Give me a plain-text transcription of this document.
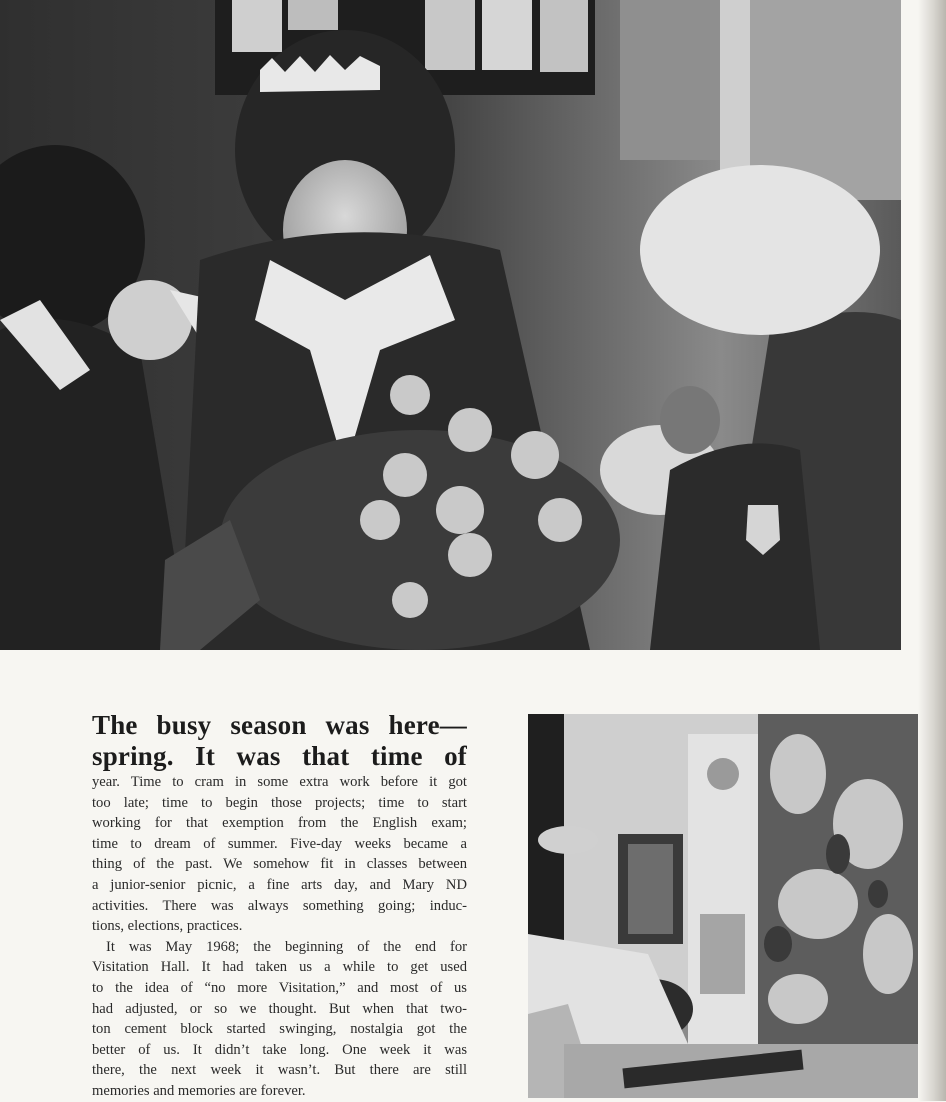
The busy season was here—
spring. It was that time of

year. Time to cram in some extra work before it got
too late; time to begin those projects; time to start
working for that exemption from the English exam;
time to dream of summer. Five-day weeks became a
thing of the past. We somehow fit in classes between
a junior-senior picnic, a fine arts day, and Mary ND
activities. There was always something going; induc-
tions, elections, practices.

It was May 1968; the beginning of the end for
Visitation Hall. It had taken us a while to get used
to the idea of “no more Visitation,” and most of us
had adjusted, or so we thought. But when that two-
ton cement block started swinging, nostalgia got the
better of us. It didn’t take long. One week it was
there, the next week it wasn’t. But there are still
memories and memories are forever.
